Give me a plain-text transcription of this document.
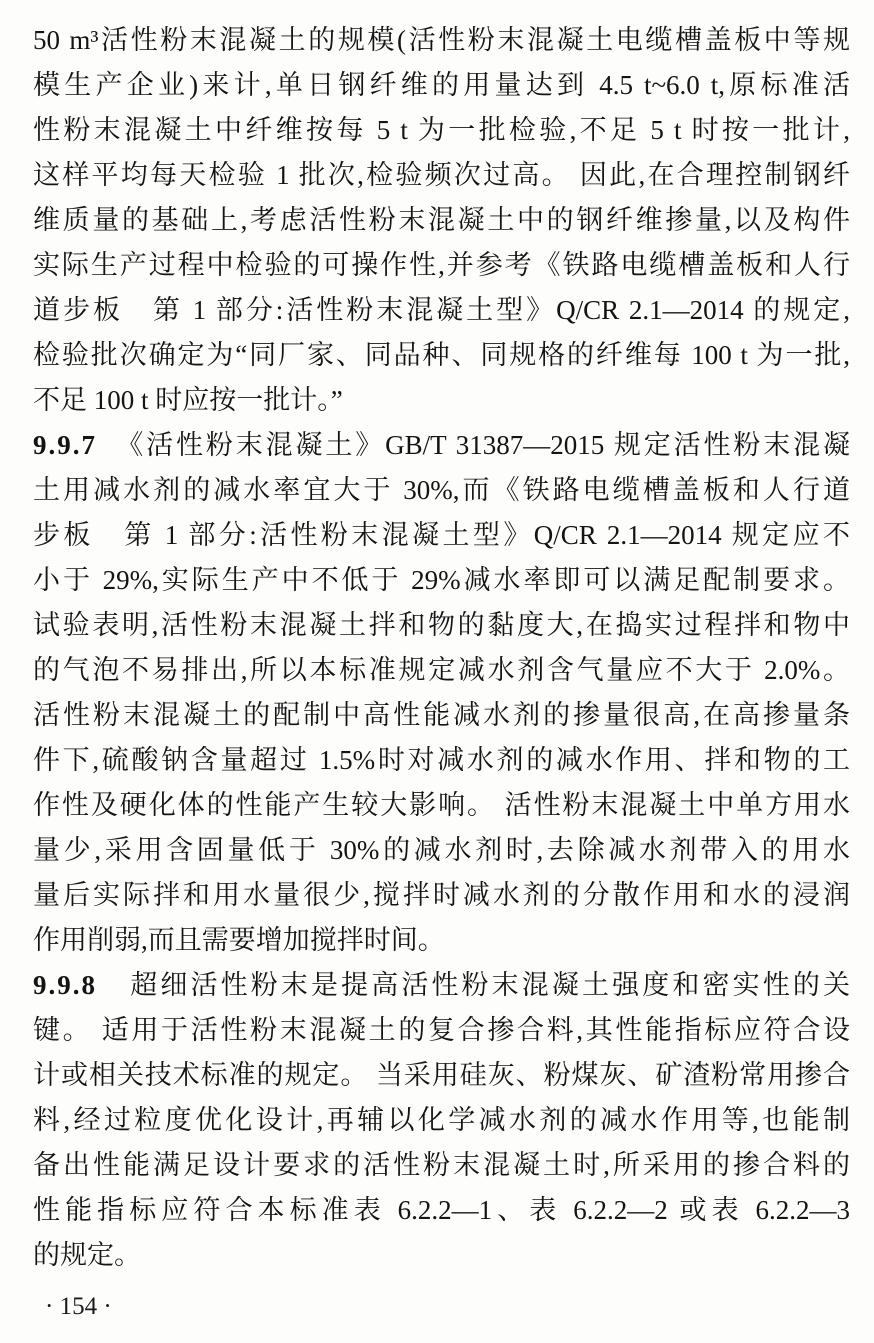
50 m³活性粉末混凝土的规模(活性粉末混凝土电缆槽盖板中等规
模生产企业)来计,单日钢纤维的用量达到 4.5 t~6.0 t,原标准活
性粉末混凝土中纤维按每 5 t 为一批检验,不足 5 t 时按一批计,
这样平均每天检验 1 批次,检验频次过高。 因此,在合理控制钢纤
维质量的基础上,考虑活性粉末混凝土中的钢纤维掺量,以及构件
实际生产过程中检验的可操作性,并参考《铁路电缆槽盖板和人行
道步板　第 1 部分:活性粉末混凝土型》Q/CR 2.1—2014 的规定,
检验批次确定为“同厂家、同品种、同规格的纤维每 100 t 为一批,
不足 100 t 时应按一批计。”
9.9.7　《活性粉末混凝土》GB/T 31387—2015 规定活性粉末混凝
土用减水剂的减水率宜大于 30%,而《铁路电缆槽盖板和人行道
步板　第 1 部分:活性粉末混凝土型》Q/CR 2.1—2014 规定应不
小于 29%,实际生产中不低于 29%减水率即可以满足配制要求。
试验表明,活性粉末混凝土拌和物的黏度大,在捣实过程拌和物中
的气泡不易排出,所以本标准规定减水剂含气量应不大于 2.0%。
活性粉末混凝土的配制中高性能减水剂的掺量很高,在高掺量条
件下,硫酸钠含量超过 1.5%时对减水剂的减水作用、拌和物的工
作性及硬化体的性能产生较大影响。 活性粉末混凝土中单方用水
量少,采用含固量低于 30%的减水剂时,去除减水剂带入的用水
量后实际拌和用水量很少,搅拌时减水剂的分散作用和水的浸润
作用削弱,而且需要增加搅拌时间。
9.9.8　超细活性粉末是提高活性粉末混凝土强度和密实性的关
键。 适用于活性粉末混凝土的复合掺合料,其性能指标应符合设
计或相关技术标准的规定。 当采用硅灰、粉煤灰、矿渣粉常用掺合
料,经过粒度优化设计,再辅以化学减水剂的减水作用等,也能制
备出性能满足设计要求的活性粉末混凝土时,所采用的掺合料的
性能指标应符合本标准表 6.2.2—1、表 6.2.2—2 或表 6.2.2—3
的规定。
· 154 ·
